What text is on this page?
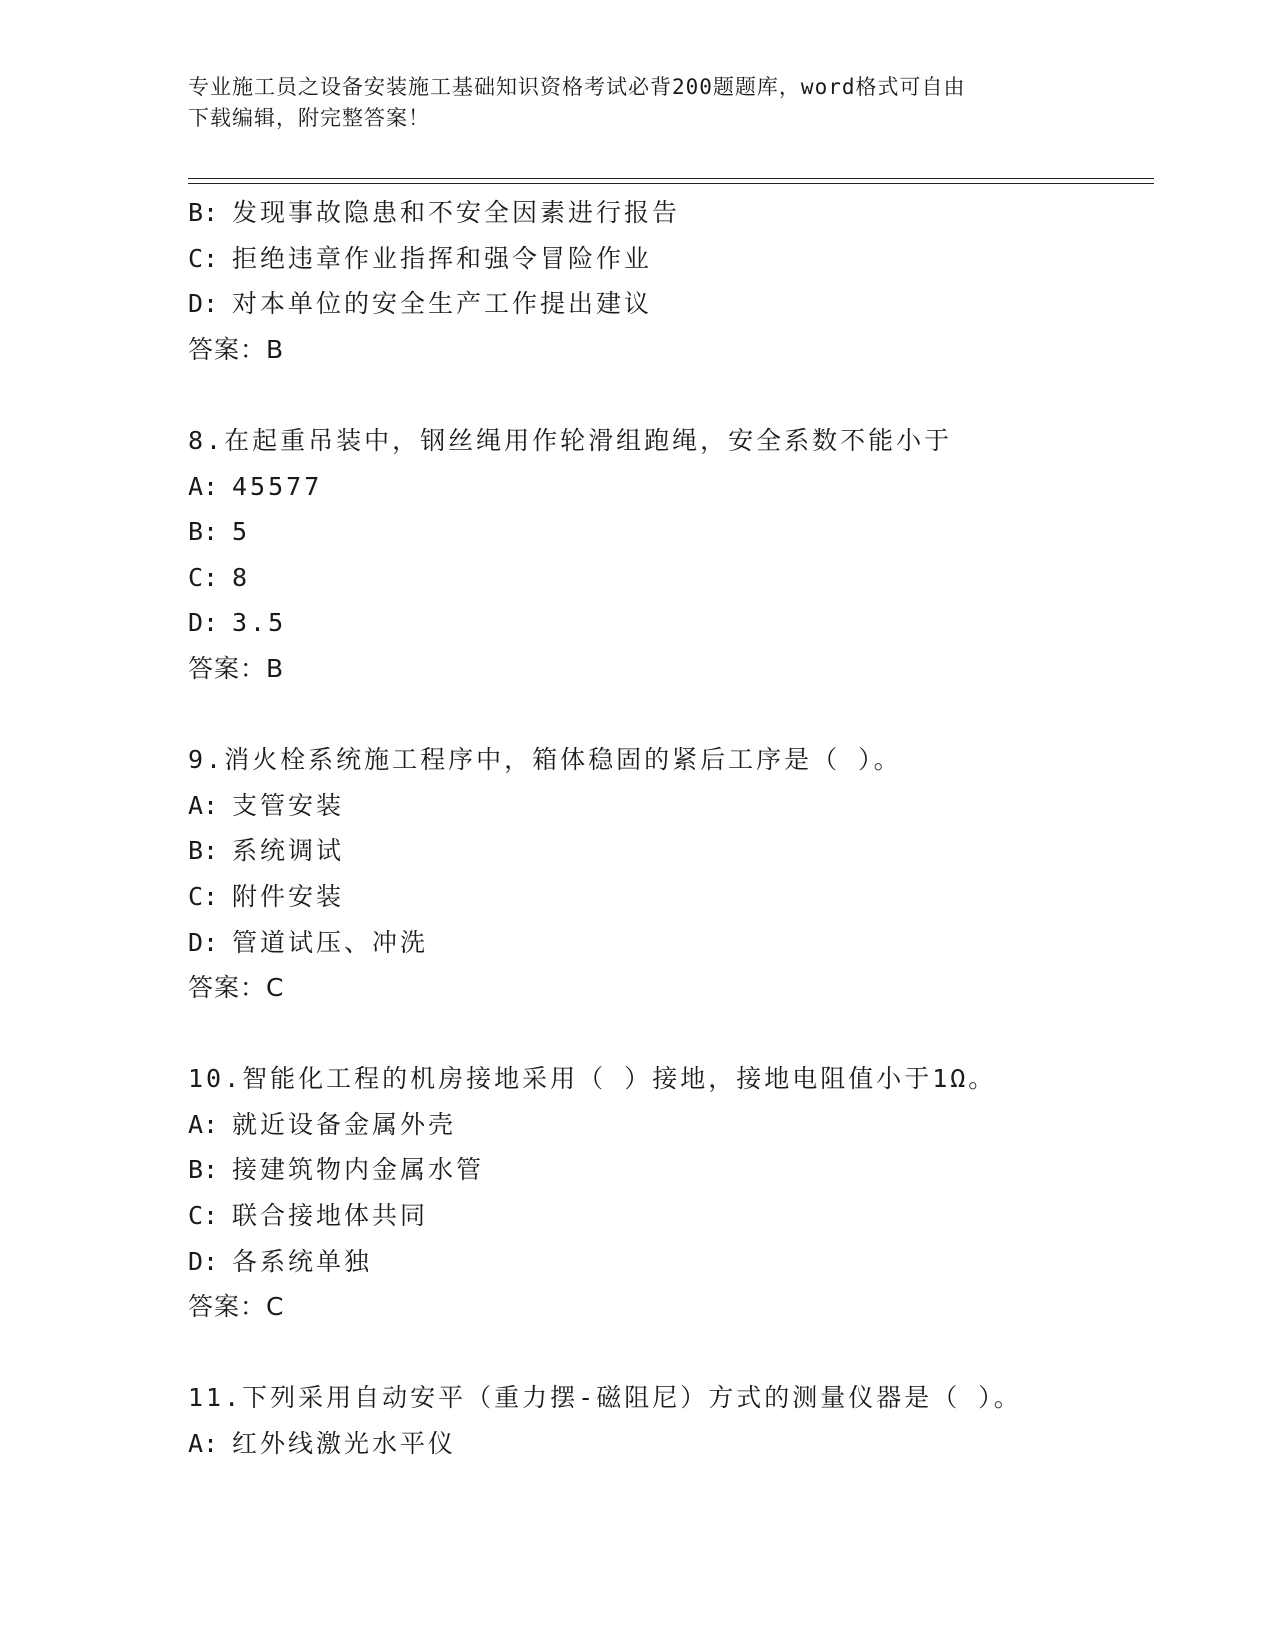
专业施工员之设备安装施工基础知识资格考试必背200题题库，word格式可自由
下载编辑，附完整答案！
B: 发现事故隐患和不安全因素进行报告
C: 拒绝违章作业指挥和强令冒险作业
D: 对本单位的安全生产工作提出建议
答案：B
8.在起重吊装中，钢丝绳用作轮滑组跑绳，安全系数不能小于
A: 45577
B: 5
C: 8
D: 3.5
答案：B
9.消火栓系统施工程序中，箱体稳固的紧后工序是（ ）。
A: 支管安装
B: 系统调试
C: 附件安装
D: 管道试压、冲洗
答案：C
10.智能化工程的机房接地采用（ ）接地，接地电阻值小于1Ω。
A: 就近设备金属外壳
B: 接建筑物内金属水管
C: 联合接地体共同
D: 各系统单独
答案：C
11.下列采用自动安平（重力摆-磁阻尼）方式的测量仪器是（ ）。
A: 红外线激光水平仪
